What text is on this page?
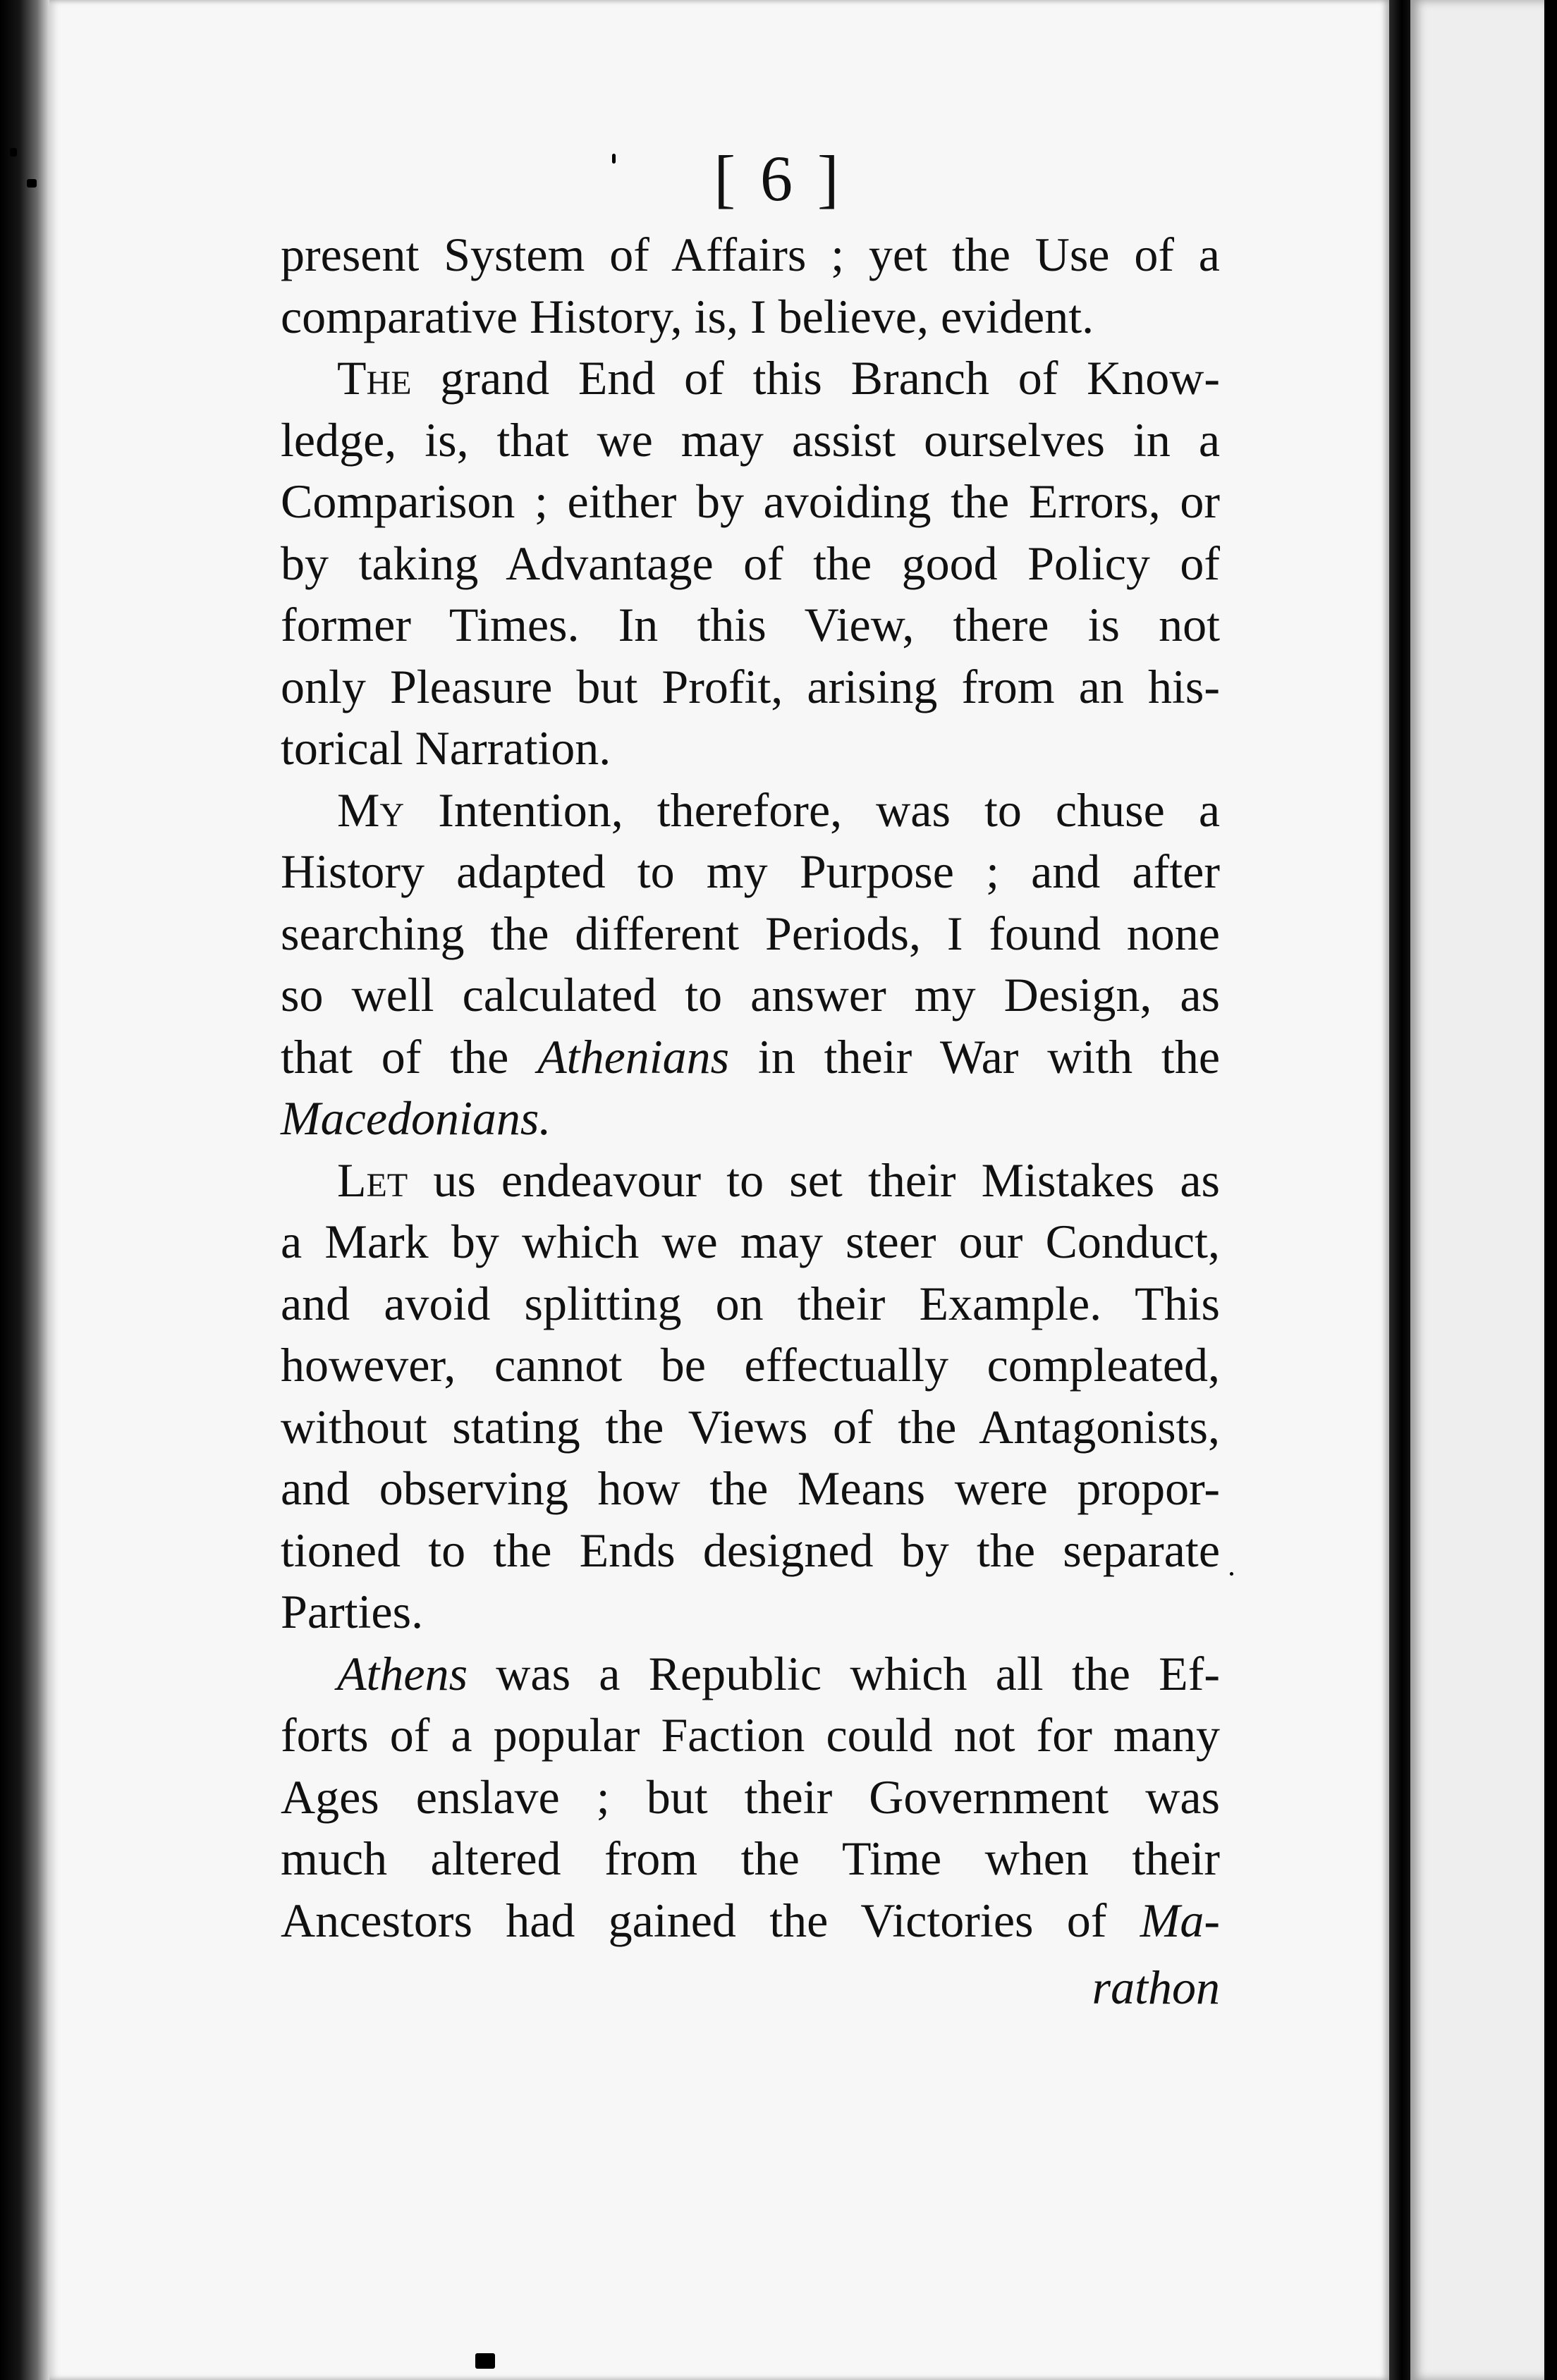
[ 6 ]

present System of Affairs ; yet the Use of a
comparative History, is, I believe, evident.
The grand End of this Branch of Know-
ledge, is, that we may assist ourselves in a
Comparison ; either by avoiding the Errors, or
by taking Advantage of the good Policy of
former Times. In this View, there is not
only Pleasure but Profit, arising from an his-
torical Narration.
My Intention, therefore, was to chuse a
History adapted to my Purpose ; and after
searching the different Periods, I found none
so well calculated to answer my Design, as
that of the Athenians in their War with the
Macedonians.
Let us endeavour to set their Mistakes as
a Mark by which we may steer our Conduct,
and avoid splitting on their Example. This
however, cannot be effectually compleated,
without stating the Views of the Antagonists,
and observing how the Means were propor-
tioned to the Ends designed by the separate
Parties.
Athens was a Republic which all the Ef-
forts of a popular Faction could not for many
Ages enslave ; but their Government was
much altered from the Time when their
Ancestors had gained the Victories of Ma-
rathon
